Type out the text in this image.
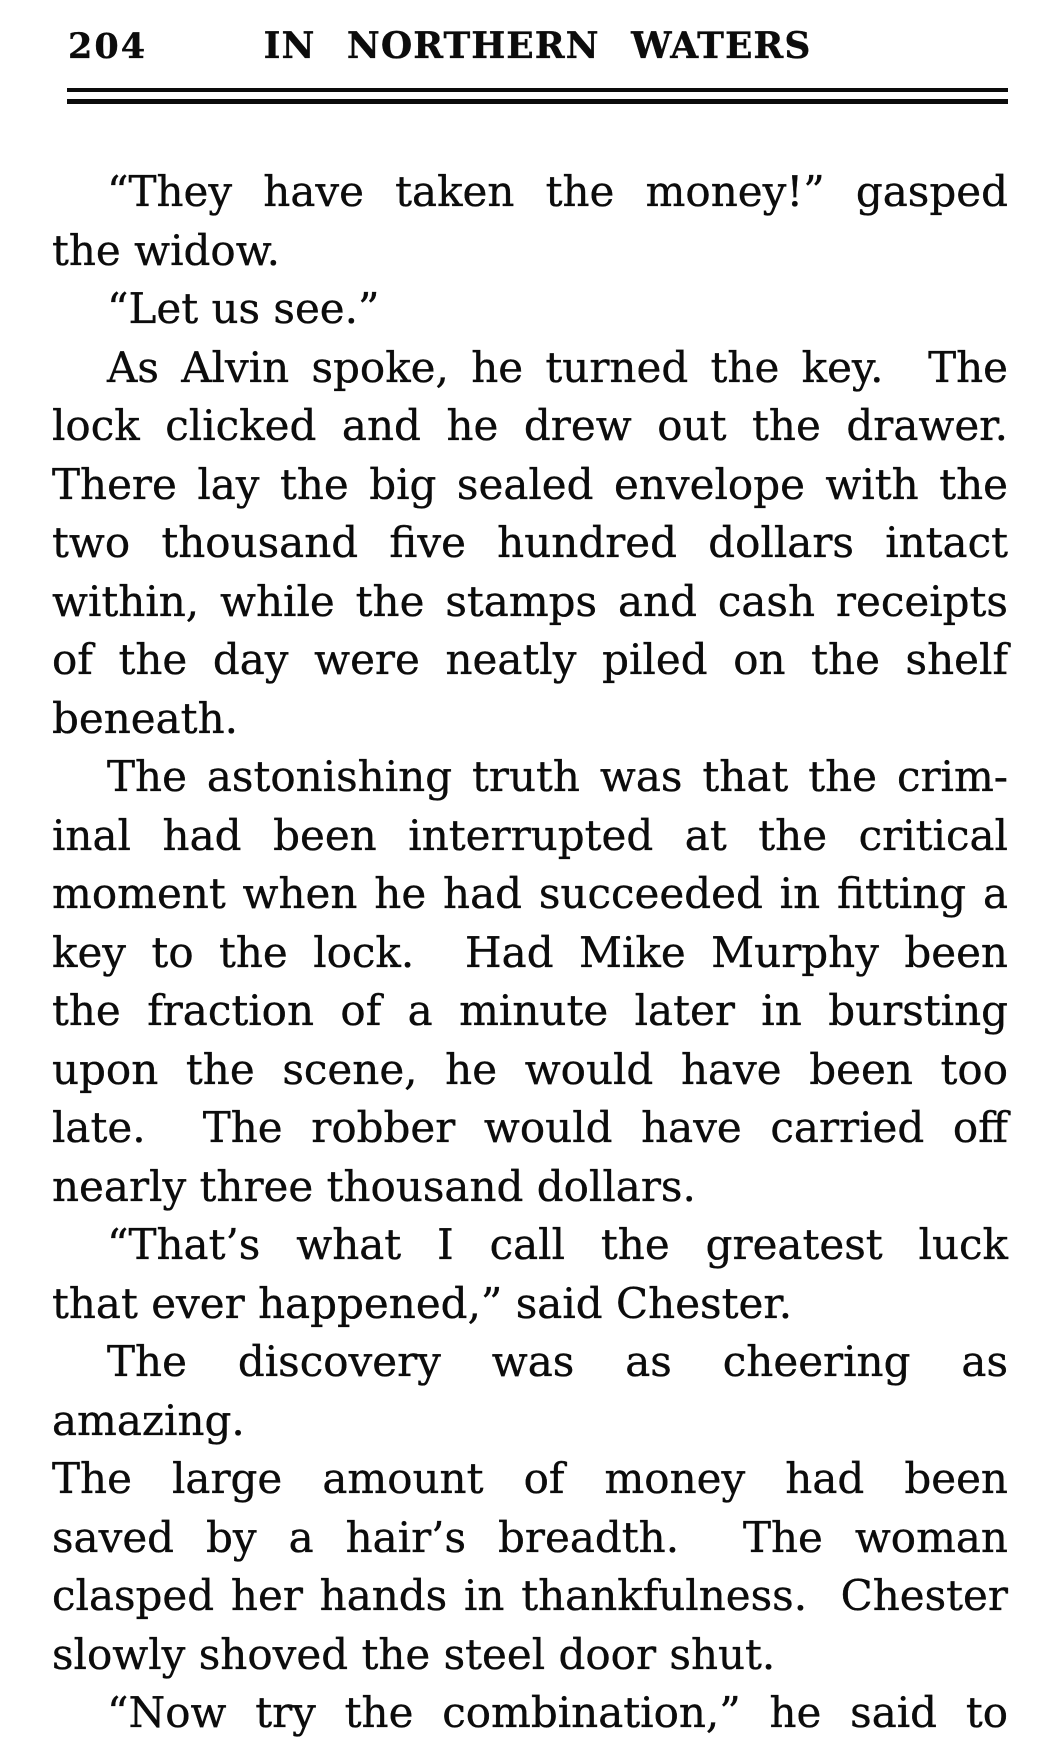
204	IN NORTHERN WATERS
“They have taken the money!” gasped
the widow.
“Let us see.”
As Alvin spoke, he turned the key.  The
lock clicked and he drew out the drawer.
There lay the big sealed envelope with the
two thousand five hundred dollars intact
within, while the stamps and cash receipts
of the day were neatly piled on the shelf
beneath.
The astonishing truth was that the crim-
inal had been interrupted at the critical
moment when he had succeeded in fitting a
key to the lock.  Had Mike Murphy been
the fraction of a minute later in bursting
upon the scene, he would have been too
late.  The robber would have carried off
nearly three thousand dollars.
“That’s what I call the greatest luck
that ever happened,” said Chester.
The discovery was as cheering as amazing.
The large amount of money had been
saved by a hair’s breadth.  The woman
clasped her hands in thankfulness.  Chester
slowly shoved the steel door shut.
“Now try the combination,” he said to
